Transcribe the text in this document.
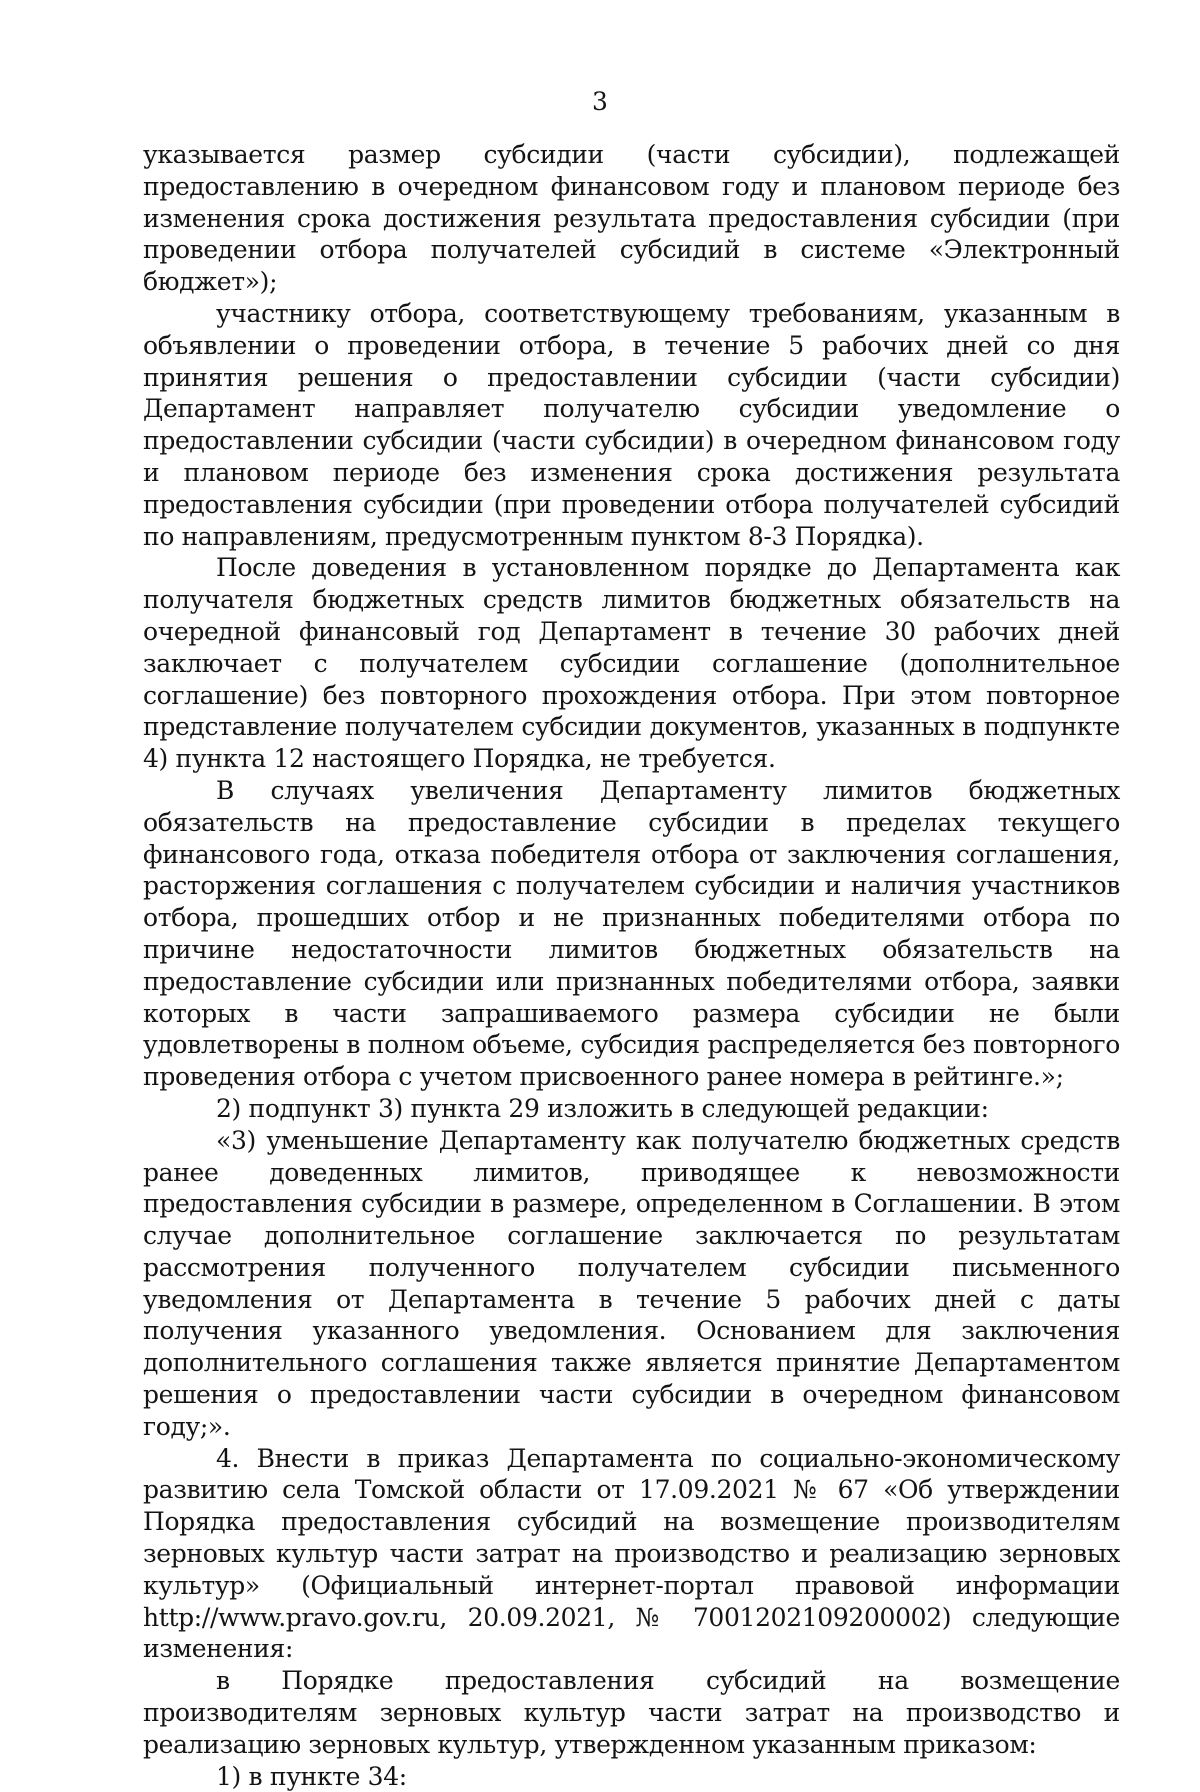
3

указывается размер субсидии (части субсидии), подлежащей предоставлению в очередном финансовом году и плановом периоде без изменения срока достижения результата предоставления субсидии (при проведении отбора получателей субсидий в системе «Электронный бюджет»);

участнику отбора, соответствующему требованиям, указанным в объявлении о проведении отбора, в течение 5 рабочих дней со дня принятия решения о предоставлении субсидии (части субсидии) Департамент направляет получателю субсидии уведомление о предоставлении субсидии (части субсидии) в очередном финансовом году и плановом периоде без изменения срока достижения результата предоставления субсидии (при проведении отбора получателей субсидий по направлениям, предусмотренным пунктом 8-3 Порядка).

После доведения в установленном порядке до Департамента как получателя бюджетных средств лимитов бюджетных обязательств на очередной финансовый год Департамент в течение 30 рабочих дней заключает с получателем субсидии соглашение (дополнительное соглашение) без повторного прохождения отбора. При этом повторное представление получателем субсидии документов, указанных в подпункте 4) пункта 12 настоящего Порядка, не требуется.

В случаях увеличения Департаменту лимитов бюджетных обязательств на предоставление субсидии в пределах текущего финансового года, отказа победителя отбора от заключения соглашения, расторжения соглашения с получателем субсидии и наличия участников отбора, прошедших отбор и не признанных победителями отбора по причине недостаточности лимитов бюджетных обязательств на предоставление субсидии или признанных победителями отбора, заявки которых в части запрашиваемого размера субсидии не были удовлетворены в полном объеме, субсидия распределяется без повторного проведения отбора с учетом присвоенного ранее номера в рейтинге.»;

2) подпункт 3) пункта 29 изложить в следующей редакции:

«3) уменьшение Департаменту как получателю бюджетных средств ранее доведенных лимитов, приводящее к невозможности предоставления субсидии в размере, определенном в Соглашении. В этом случае дополнительное соглашение заключается по результатам рассмотрения полученного получателем субсидии письменного уведомления от Департамента в течение 5 рабочих дней с даты получения указанного уведомления. Основанием для заключения дополнительного соглашения также является принятие Департаментом решения о предоставлении части субсидии в очередном финансовом году;».

4. Внести в приказ Департамента по социально-экономическому развитию села Томской области от 17.09.2021 № 67 «Об утверждении Порядка предоставления субсидий на возмещение производителям зерновых культур части затрат на производство и реализацию зерновых культур» (Официальный интернет-портал правовой информации http://www.pravo.gov.ru, 20.09.2021, № 7001202109200002) следующие изменения:

в Порядке предоставления субсидий на возмещение производителям зерновых культур части затрат на производство и реализацию зерновых культур, утвержденном указанным приказом:

1) в пункте 34:
